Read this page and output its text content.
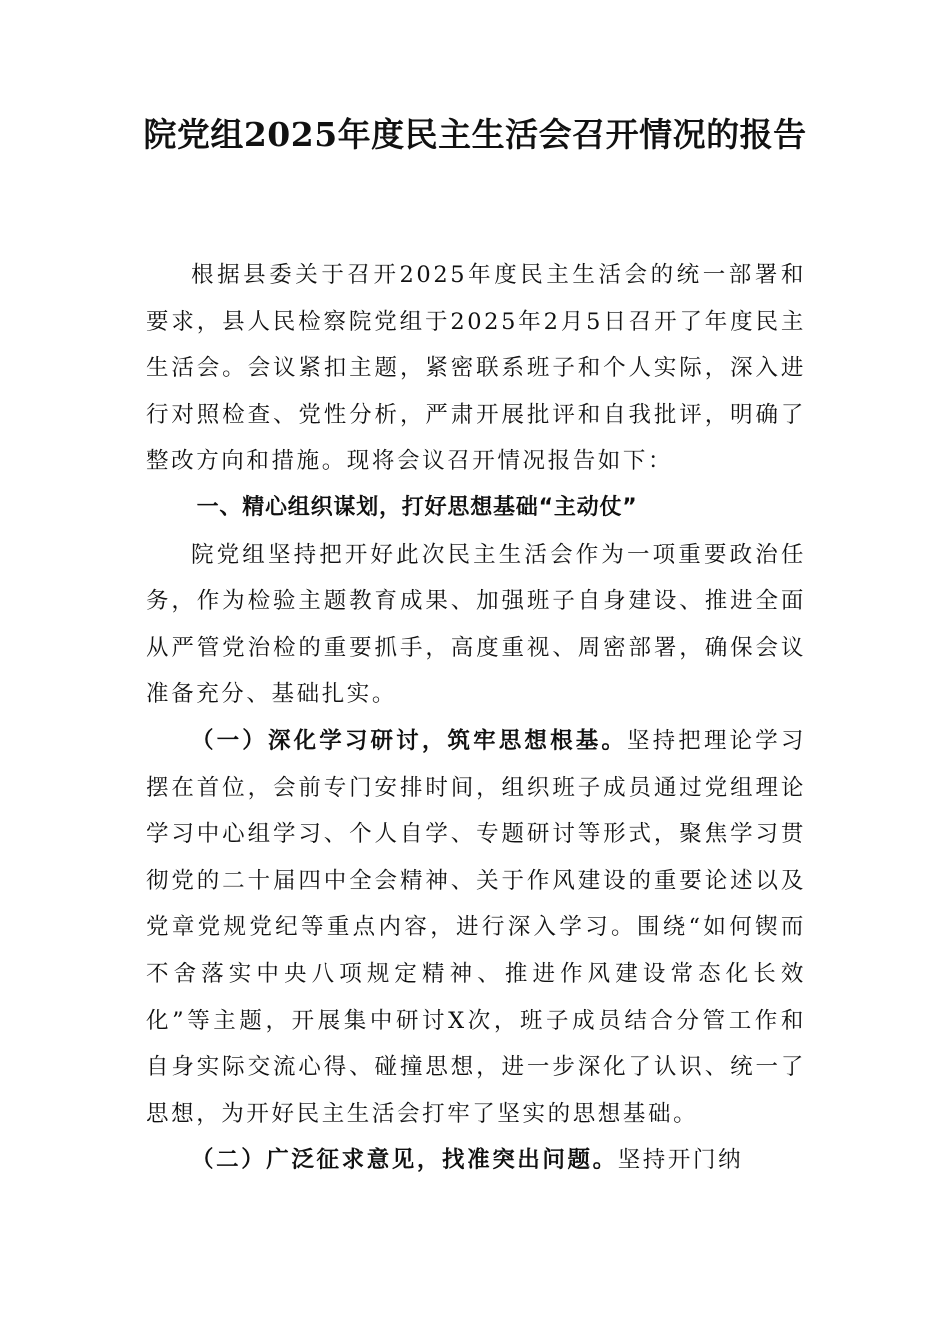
院党组2025年度民主生活会召开情况的报告

根据县委关于召开2025年度民主生活会的统一部署和要求，县人民检察院党组于2025年2月5日召开了年度民主生活会。会议紧扣主题，紧密联系班子和个人实际，深入进行对照检查、党性分析，严肃开展批评和自我批评，明确了整改方向和措施。现将会议召开情况报告如下：

一、精心组织谋划，打好思想基础“主动仗”

院党组坚持把开好此次民主生活会作为一项重要政治任务，作为检验主题教育成果、加强班子自身建设、推进全面从严管党治检的重要抓手，高度重视、周密部署，确保会议准备充分、基础扎实。

（一）深化学习研讨，筑牢思想根基。坚持把理论学习摆在首位，会前专门安排时间，组织班子成员通过党组理论学习中心组学习、个人自学、专题研讨等形式，聚焦学习贯彻党的二十届四中全会精神、关于作风建设的重要论述以及党章党规党纪等重点内容，进行深入学习。围绕“如何锲而不舍落实中央八项规定精神、推进作风建设常态化长效化”等主题，开展集中研讨X次，班子成员结合分管工作和自身实际交流心得、碰撞思想，进一步深化了认识、统一了思想，为开好民主生活会打牢了坚实的思想基础。

（二）广泛征求意见，找准突出问题。坚持开门纳
